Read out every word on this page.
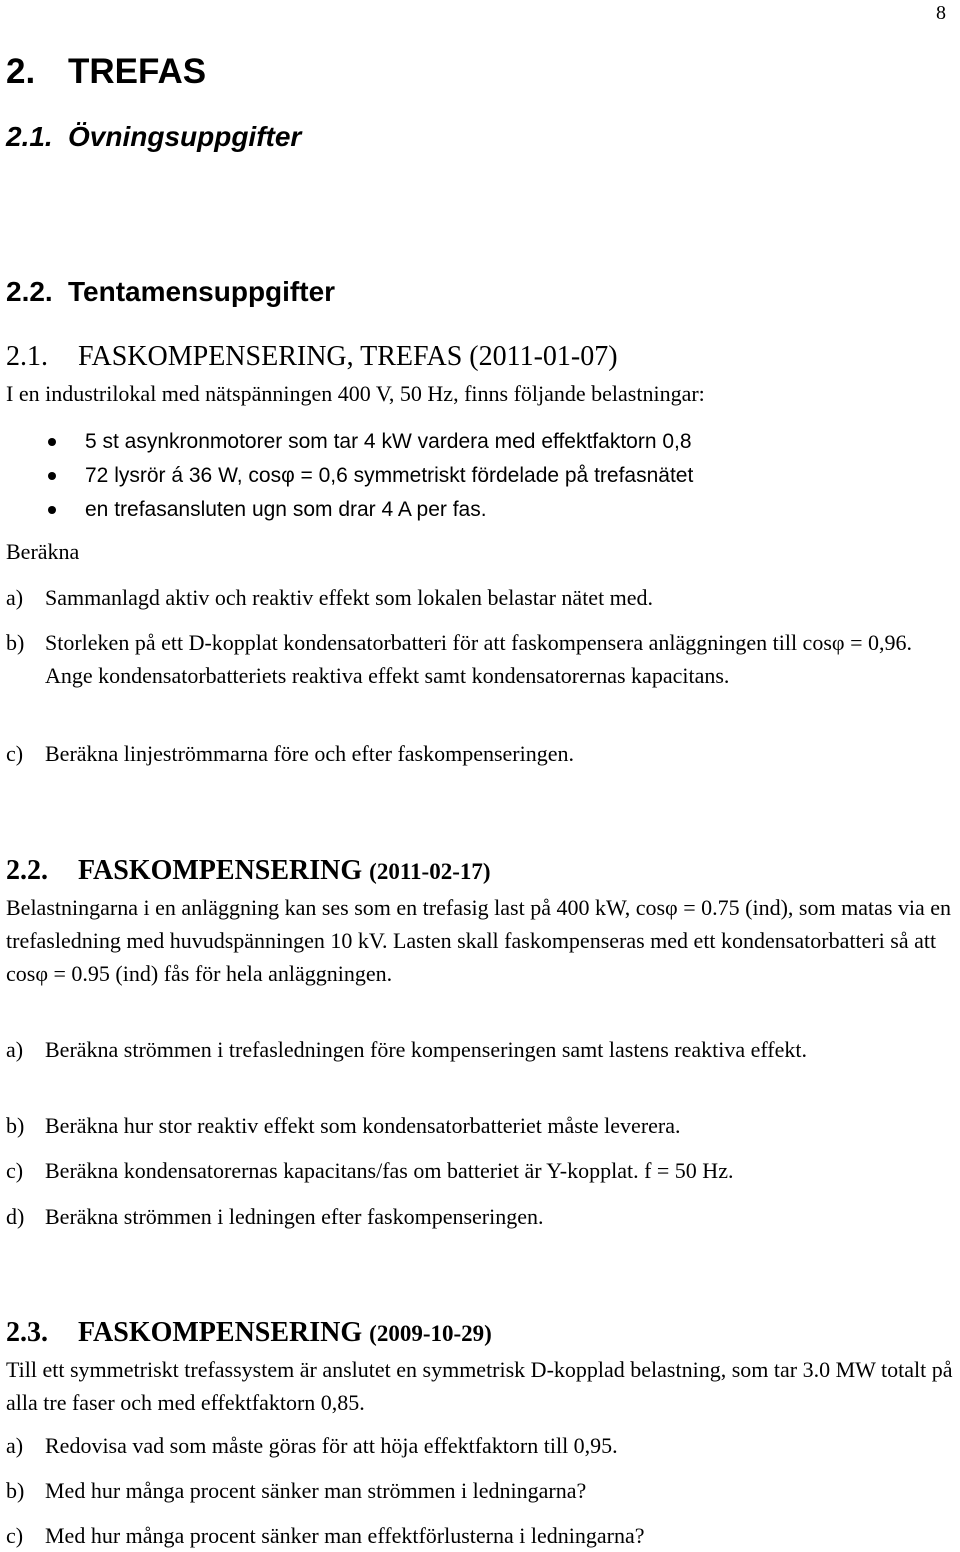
8
2. TREFAS
2.1. Övningsuppgifter
2.2. Tentamensuppgifter
2.1. FASKOMPENSERING, TREFAS (2011-01-07)
I en industrilokal med nätspänningen 400 V, 50 Hz, finns följande belastningar:
5 st asynkronmotorer som tar 4 kW vardera med effektfaktorn 0,8
72 lysrör á 36 W, cosφ = 0,6 symmetriskt fördelade på trefasnätet
en trefasansluten ugn som drar 4 A per fas.
Beräkna
a) Sammanlagd aktiv och reaktiv effekt som lokalen belastar nätet med.
b) Storleken på ett D-kopplat kondensatorbatteri för att faskompensera anläggningen till cosφ = 0,96. Ange kondensatorbatteriets reaktiva effekt samt kondensatorernas kapacitans.
c) Beräkna linjeströmmarna före och efter faskompenseringen.
2.2. FASKOMPENSERING (2011-02-17)
Belastningarna i en anläggning kan ses som en trefasig last på 400 kW, cosφ = 0.75 (ind), som matas via en trefasledning med huvudspänningen 10 kV. Lasten skall faskompenseras med ett kondensatorbatteri så att cosφ = 0.95 (ind) fås för hela anläggningen.
a) Beräkna strömmen i trefasledningen före kompenseringen samt lastens reaktiva effekt.
b) Beräkna hur stor reaktiv effekt som kondensatorbatteriet måste leverera.
c) Beräkna kondensatorernas kapacitans/fas om batteriet är Y-kopplat. f = 50 Hz.
d) Beräkna strömmen i ledningen efter faskompenseringen.
2.3. FASKOMPENSERING (2009-10-29)
Till ett symmetriskt trefassystem är anslutet en symmetrisk D-kopplad belastning, som tar 3.0 MW totalt på alla tre faser och med effektfaktorn 0,85.
a) Redovisa vad som måste göras för att höja effektfaktorn till 0,95.
b) Med hur många procent sänker man strömmen i ledningarna?
c) Med hur många procent sänker man effektförlusterna i ledningarna?
